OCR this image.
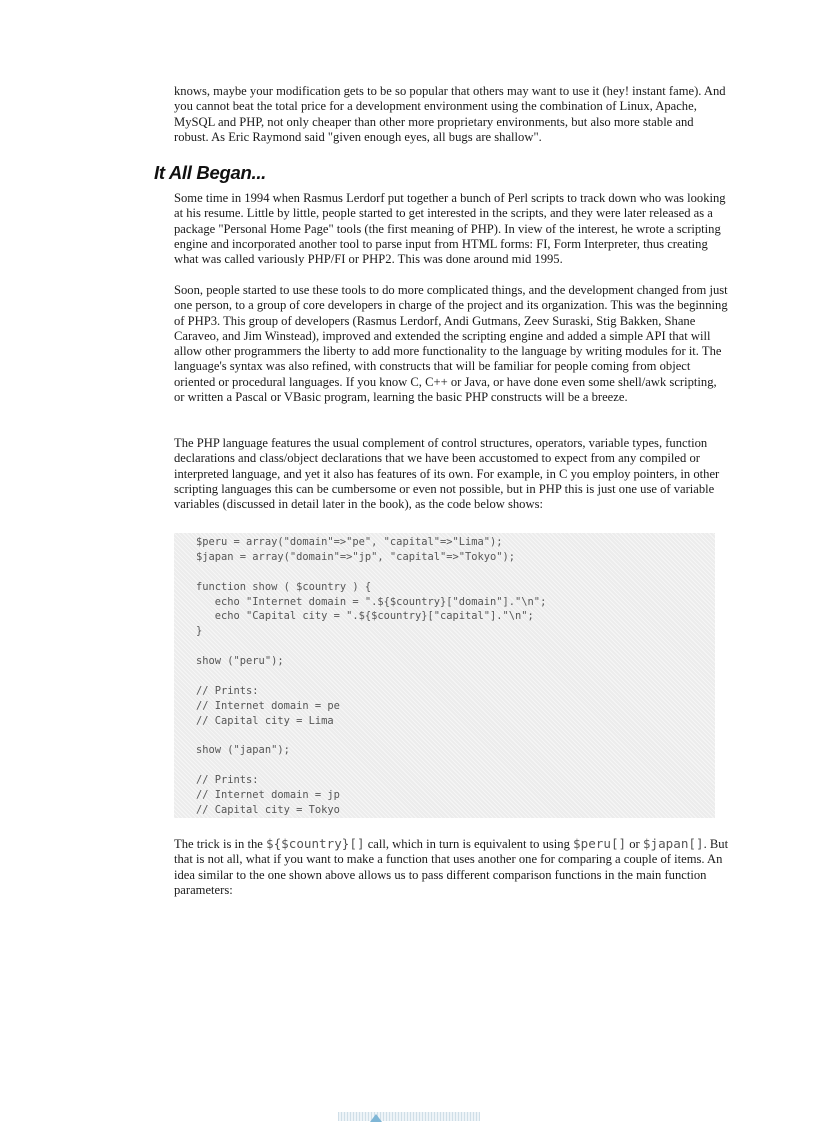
knows, maybe your modification gets to be so popular that others may want to use it (hey! instant fame). And you cannot beat the total price for a development environment using the combination of Linux, Apache, MySQL and PHP, not only cheaper than other more proprietary environments, but also more stable and robust. As Eric Raymond said "given enough eyes, all bugs are shallow".

It All Began...

Some time in 1994 when Rasmus Lerdorf put together a bunch of Perl scripts to track down who was looking at his resume. Little by little, people started to get interested in the scripts, and they were later released as a package "Personal Home Page" tools (the first meaning of PHP). In view of the interest, he wrote a scripting engine and incorporated another tool to parse input from HTML forms: FI, Form Interpreter, thus creating what was called variously PHP/FI or PHP2. This was done around mid 1995.

Soon, people started to use these tools to do more complicated things, and the development changed from just one person, to a group of core developers in charge of the project and its organization. This was the beginning of PHP3. This group of developers (Rasmus Lerdorf, Andi Gutmans, Zeev Suraski, Stig Bakken, Shane Caraveo, and Jim Winstead), improved and extended the scripting engine and added a simple API that will allow other programmers the liberty to add more functionality to the language by writing modules for it. The language's syntax was also refined, with constructs that will be familiar for people coming from object oriented or procedural languages. If you know C, C++ or Java, or have done even some shell/awk scripting, or written a Pascal or VBasic program, learning the basic PHP constructs will be a breeze.

The PHP language features the usual complement of control structures, operators, variable types, function declarations and class/object declarations that we have been accustomed to expect from any compiled or interpreted language, and yet it also has features of its own. For example, in C you employ pointers, in other scripting languages this can be cumbersome or even not possible, but in PHP this is just one use of variable variables (discussed in detail later in the book), as the code below shows:

$peru = array("domain"=>"pe", "capital"=>"Lima");
$japan = array("domain"=>"jp", "capital"=>"Tokyo");
function show ( $country ) {
echo "Internet domain = ".${$country}["domain"]."\n";
echo "Capital city = ".${$country}["capital"]."\n";
}
show ("peru");
// Prints:
// Internet domain = pe
// Capital city = Lima
show ("japan");
// Prints:
// Internet domain = jp
// Capital city = Tokyo

The trick is in the ${$country}[] call, which in turn is equivalent to using $peru[] or $japan[]. But that is not all, what if you want to make a function that uses another one for comparing a couple of items. An idea similar to the one shown above allows us to pass different comparison functions in the main function parameters:
